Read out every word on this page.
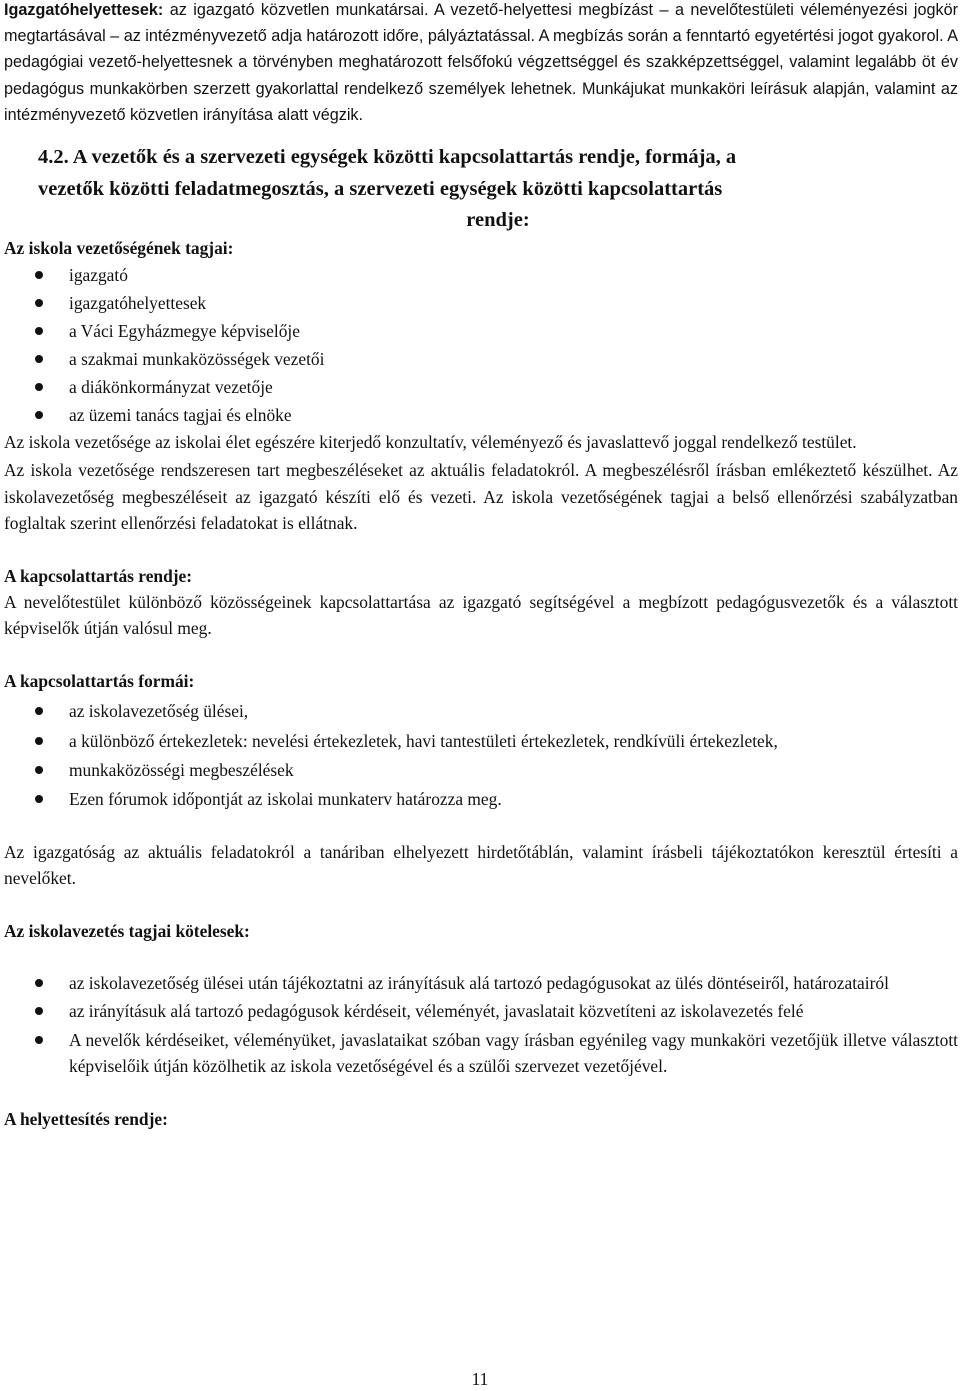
Igazgatóhelyettesek: az igazgató közvetlen munkatársai. A vezető-helyettesi megbízást – a nevelőtestületi véleményezési jogkör megtartásával – az intézményvezető adja határozott időre, pályáztatással. A megbízás során a fenntartó egyetértési jogot gyakorol. A pedagógiai vezető-helyettesnek a törvényben meghatározott felsőfokú végzettséggel és szakképzettséggel, valamint legalább öt év pedagógus munkakörben szerzett gyakorlattal rendelkező személyek lehetnek. Munkájukat munkaköri leírásuk alapján, valamint az intézményvezető közvetlen irányítása alatt végzik.

4.2. A vezetők és a szervezeti egységek közötti kapcsolattartás rendje, formája, a
vezetők közötti feladatmegosztás, a szervezeti egységek közötti kapcsolattartás
rendje:

Az iskola vezetőségének tagjai:

igazgató
igazgatóhelyettesek
a Váci Egyházmegye képviselője
a szakmai munkaközösségek vezetői
a diákönkormányzat vezetője
az üzemi tanács tagjai és elnöke

Az iskola vezetősége az iskolai élet egészére kiterjedő konzultatív, véleményező és javaslattevő joggal rendelkező testület.

Az iskola vezetősége rendszeresen tart megbeszéléseket az aktuális feladatokról. A megbeszélésről írásban emlékeztető készülhet. Az iskolavezetőség megbeszéléseit az igazgató készíti elő és vezeti. Az iskola vezetőségének tagjai a belső ellenőrzési szabályzatban foglaltak szerint ellenőrzési feladatokat is ellátnak.

A kapcsolattartás rendje:

A nevelőtestület különböző közösségeinek kapcsolattartása az igazgató segítségével a megbízott pedagógusvezetők és a választott képviselők útján valósul meg.

A kapcsolattartás formái:

az iskolavezetőség ülései,
a különböző értekezletek: nevelési értekezletek, havi tantestületi értekezletek, rendkívüli értekezletek,
munkaközösségi megbeszélések
Ezen fórumok időpontját az iskolai munkaterv határozza meg.

Az igazgatóság az aktuális feladatokról a tanáriban elhelyezett hirdetőtáblán, valamint írásbeli tájékoztatókon keresztül értesíti a nevelőket.

Az iskolavezetés tagjai kötelesek:

az iskolavezetőség ülései után tájékoztatni az irányításuk alá tartozó pedagógusokat az ülés döntéseiről, határozatairól
az irányításuk alá tartozó pedagógusok kérdéseit, véleményét, javaslatait közvetíteni az iskolavezetés felé
A nevelők kérdéseiket, véleményüket, javaslataikat szóban vagy írásban egyénileg vagy munkaköri vezetőjük illetve választott képviselőik útján közölhetik az iskola vezetőségével és a szülői szervezet vezetőjével.

A helyettesítés rendje:

11
